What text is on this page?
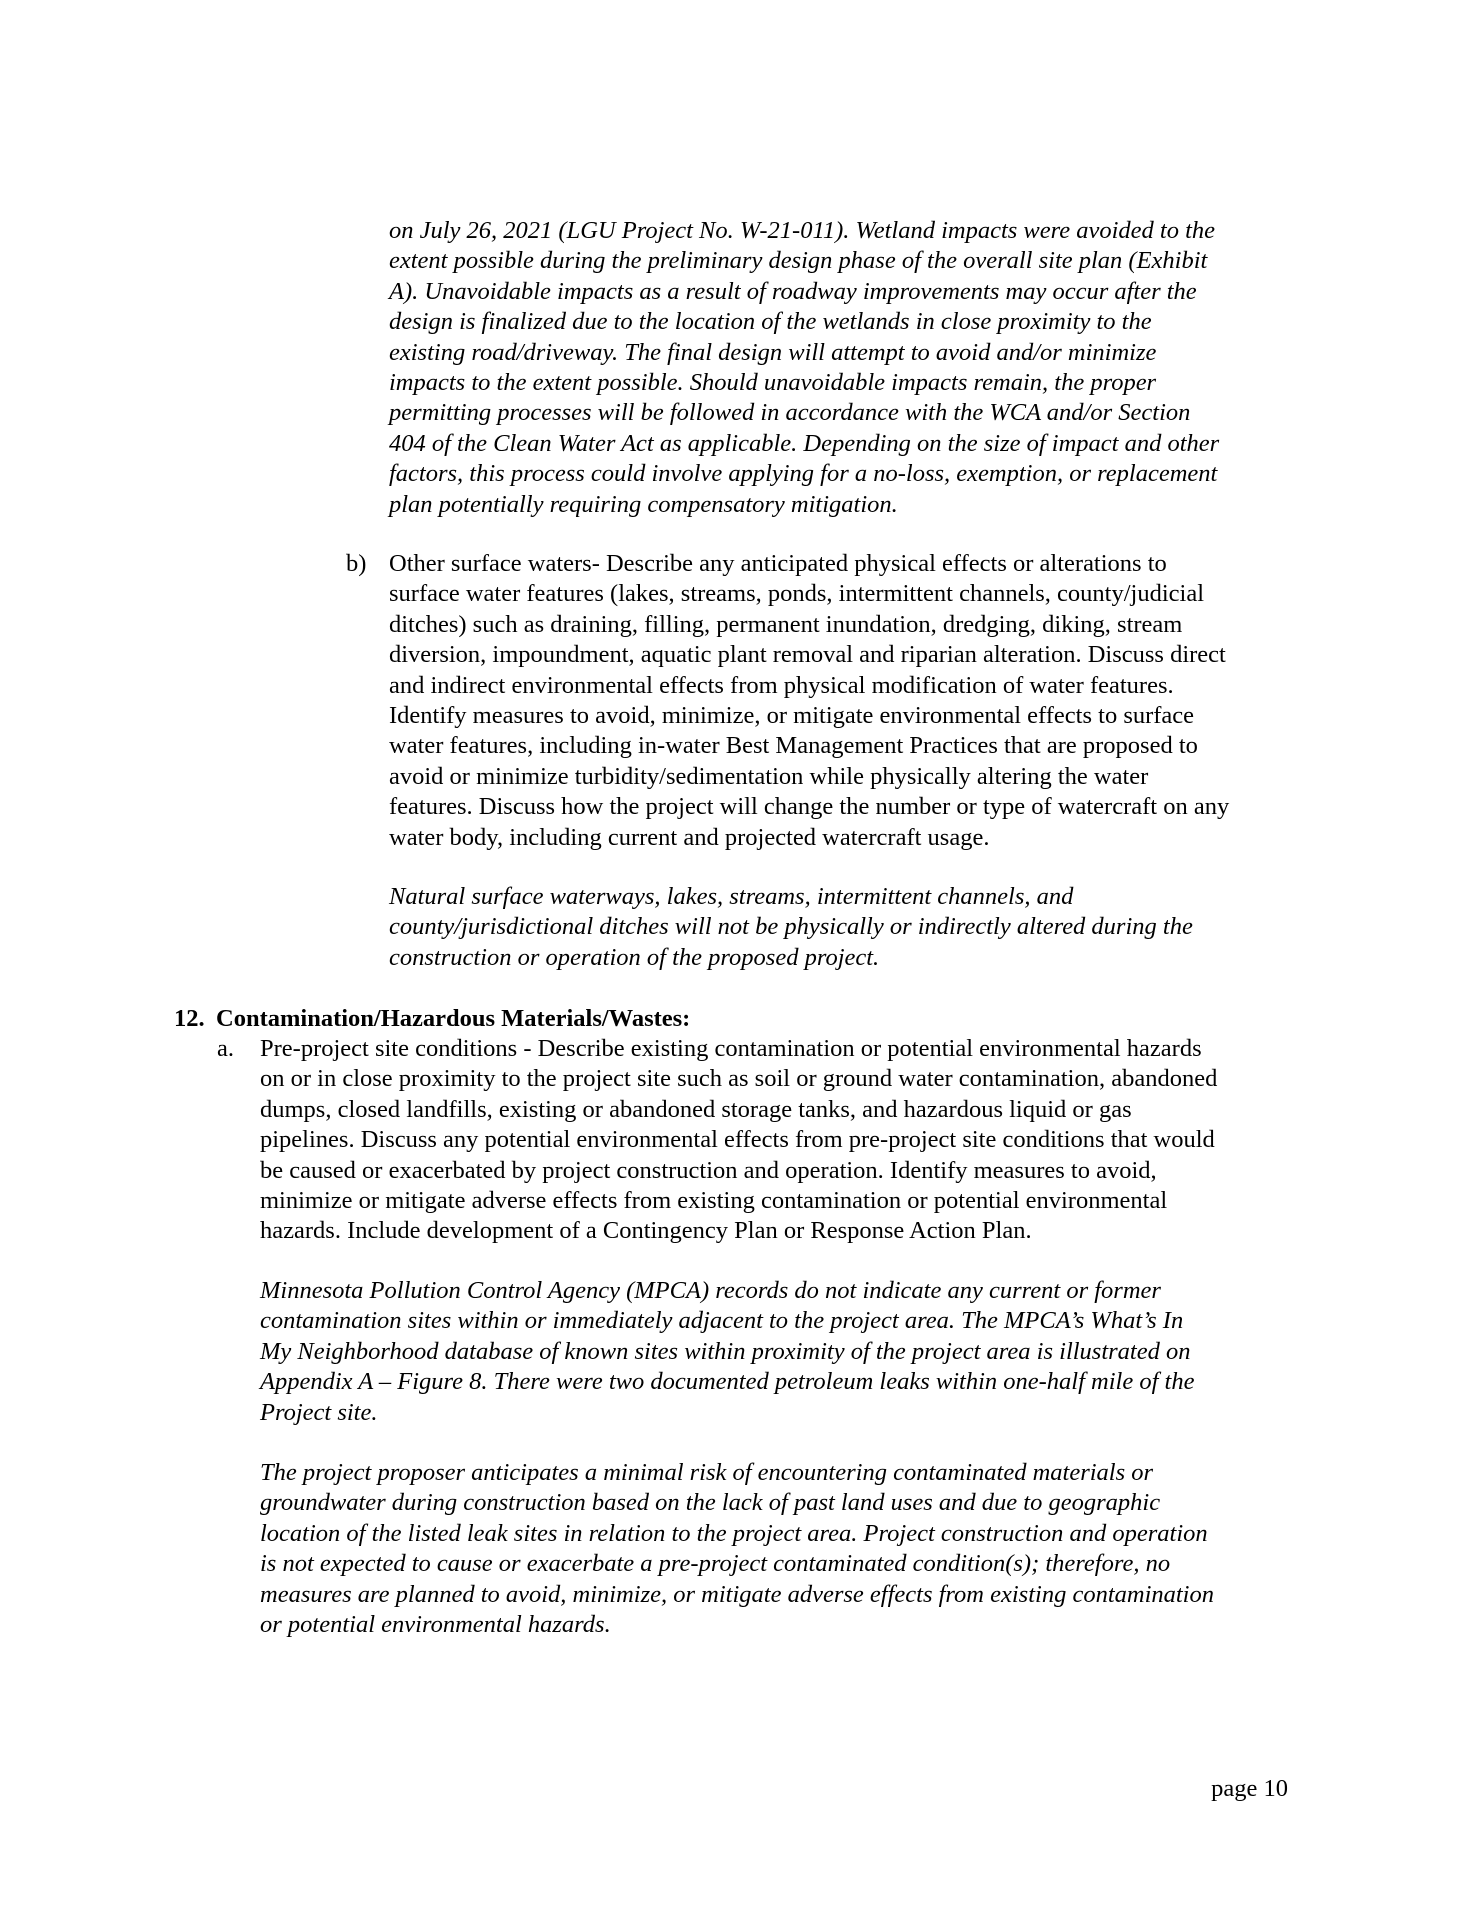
on July 26, 2021 (LGU Project No. W-21-011). Wetland impacts were avoided to the
extent possible during the preliminary design phase of the overall site plan (Exhibit
A). Unavoidable impacts as a result of roadway improvements may occur after the
design is finalized due to the location of the wetlands in close proximity to the
existing road/driveway. The final design will attempt to avoid and/or minimize
impacts to the extent possible. Should unavoidable impacts remain, the proper
permitting processes will be followed in accordance with the WCA and/or Section
404 of the Clean Water Act as applicable. Depending on the size of impact and other
factors, this process could involve applying for a no-loss, exemption, or replacement
plan potentially requiring compensatory mitigation.
b) Other surface waters- Describe any anticipated physical effects or alterations to
surface water features (lakes, streams, ponds, intermittent channels, county/judicial
ditches) such as draining, filling, permanent inundation, dredging, diking, stream
diversion, impoundment, aquatic plant removal and riparian alteration. Discuss direct
and indirect environmental effects from physical modification of water features.
Identify measures to avoid, minimize, or mitigate environmental effects to surface
water features, including in-water Best Management Practices that are proposed to
avoid or minimize turbidity/sedimentation while physically altering the water
features. Discuss how the project will change the number or type of watercraft on any
water body, including current and projected watercraft usage.
Natural surface waterways, lakes, streams, intermittent channels, and
county/jurisdictional ditches will not be physically or indirectly altered during the
construction or operation of the proposed project.
12. Contamination/Hazardous Materials/Wastes:
a. Pre-project site conditions - Describe existing contamination or potential environmental hazards
on or in close proximity to the project site such as soil or ground water contamination, abandoned
dumps, closed landfills, existing or abandoned storage tanks, and hazardous liquid or gas
pipelines. Discuss any potential environmental effects from pre-project site conditions that would
be caused or exacerbated by project construction and operation. Identify measures to avoid,
minimize or mitigate adverse effects from existing contamination or potential environmental
hazards. Include development of a Contingency Plan or Response Action Plan.
Minnesota Pollution Control Agency (MPCA) records do not indicate any current or former
contamination sites within or immediately adjacent to the project area. The MPCA’s What’s In
My Neighborhood database of known sites within proximity of the project area is illustrated on
Appendix A – Figure 8. There were two documented petroleum leaks within one-half mile of the
Project site.
The project proposer anticipates a minimal risk of encountering contaminated materials or
groundwater during construction based on the lack of past land uses and due to geographic
location of the listed leak sites in relation to the project area. Project construction and operation
is not expected to cause or exacerbate a pre-project contaminated condition(s); therefore, no
measures are planned to avoid, minimize, or mitigate adverse effects from existing contamination
or potential environmental hazards.
page 10
